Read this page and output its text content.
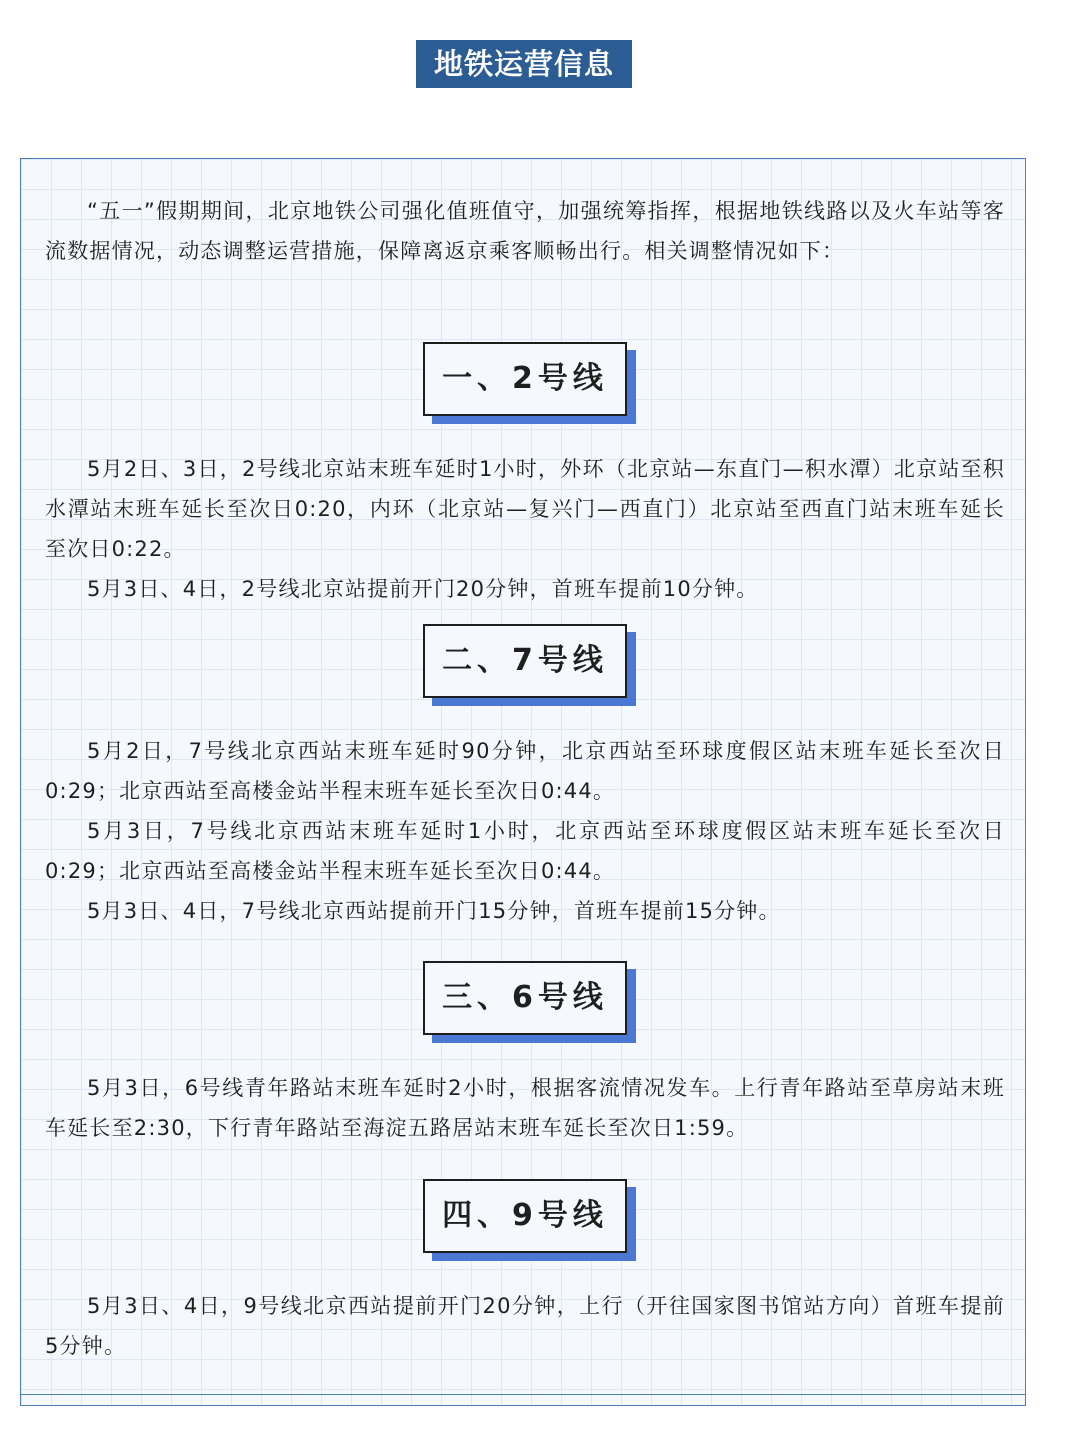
地铁运营信息

“五一”假期期间，北京地铁公司强化值班值守，加强统筹指挥，根据地铁线路以及火车站等客流数据情况，动态调整运营措施，保障离返京乘客顺畅出行。相关调整情况如下：

一、2号线

5月2日、3日，2号线北京站末班车延时1小时，外环（北京站—东直门—积水潭）北京站至积水潭站末班车延长至次日0:20，内环（北京站—复兴门—西直门）北京站至西直门站末班车延长至次日0:22。

5月3日、4日，2号线北京站提前开门20分钟，首班车提前10分钟。

二、7号线

5月2日，7号线北京西站末班车延时90分钟，北京西站至环球度假区站末班车延长至次日0:29；北京西站至高楼金站半程末班车延长至次日0:44。

5月3日，7号线北京西站末班车延时1小时，北京西站至环球度假区站末班车延长至次日0:29；北京西站至高楼金站半程末班车延长至次日0:44。

5月3日、4日，7号线北京西站提前开门15分钟，首班车提前15分钟。

三、6号线

5月3日，6号线青年路站末班车延时2小时，根据客流情况发车。上行青年路站至草房站末班车延长至2:30，下行青年路站至海淀五路居站末班车延长至次日1:59。

四、9号线

5月3日、4日，9号线北京西站提前开门20分钟，上行（开往国家图书馆站方向）首班车提前5分钟。
